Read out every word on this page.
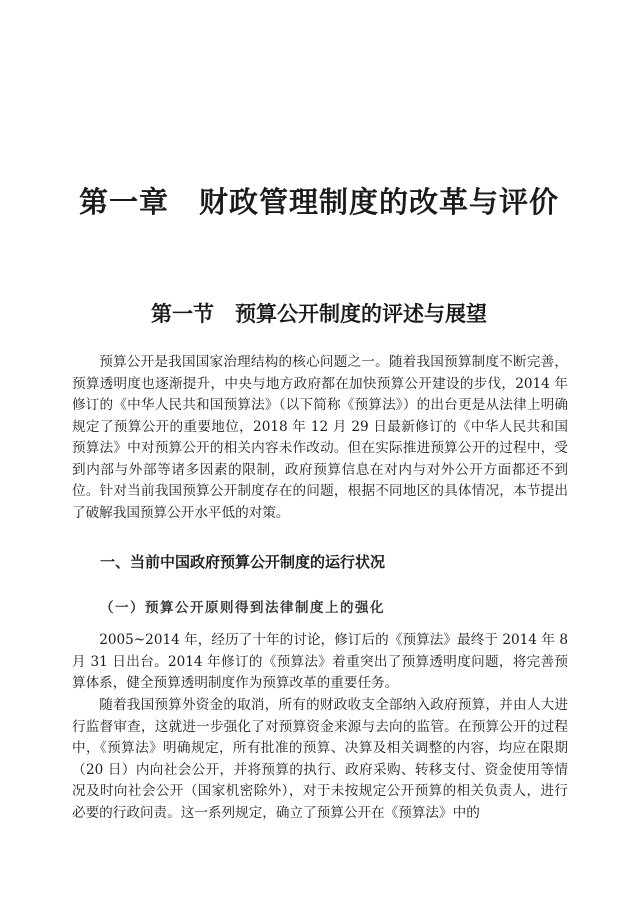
第一章　财政管理制度的改革与评价
第一节　预算公开制度的评述与展望

预算公开是我国国家治理结构的核心问题之一。随着我国预算制度不断完善，预算透明度也逐渐提升，中央与地方政府都在加快预算公开建设的步伐，2014 年修订的《中华人民共和国预算法》（以下简称《预算法》）的出台更是从法律上明确规定了预算公开的重要地位，2018 年 12 月 29 日最新修订的《中华人民共和国预算法》中对预算公开的相关内容未作改动。但在实际推进预算公开的过程中，受到内部与外部等诸多因素的限制，政府预算信息在对内与对外公开方面都还不到位。针对当前我国预算公开制度存在的问题，根据不同地区的具体情况，本节提出了破解我国预算公开水平低的对策。

一、当前中国政府预算公开制度的运行状况
（一）预算公开原则得到法律制度上的强化

2005~2014 年，经历了十年的讨论，修订后的《预算法》最终于 2014 年 8 月 31 日出台。2014 年修订的《预算法》着重突出了预算透明度问题，将完善预算体系，健全预算透明制度作为预算改革的重要任务。

随着我国预算外资金的取消，所有的财政收支全部纳入政府预算，并由人大进行监督审查，这就进一步强化了对预算资金来源与去向的监管。在预算公开的过程中，《预算法》明确规定，所有批准的预算、决算及相关调整的内容，均应在限期（20 日）内向社会公开，并将预算的执行、政府采购、转移支付、资金使用等情况及时向社会公开（国家机密除外），对于未按规定公开预算的相关负责人，进行必要的行政问责。这一系列规定，确立了预算公开在《预算法》中的
